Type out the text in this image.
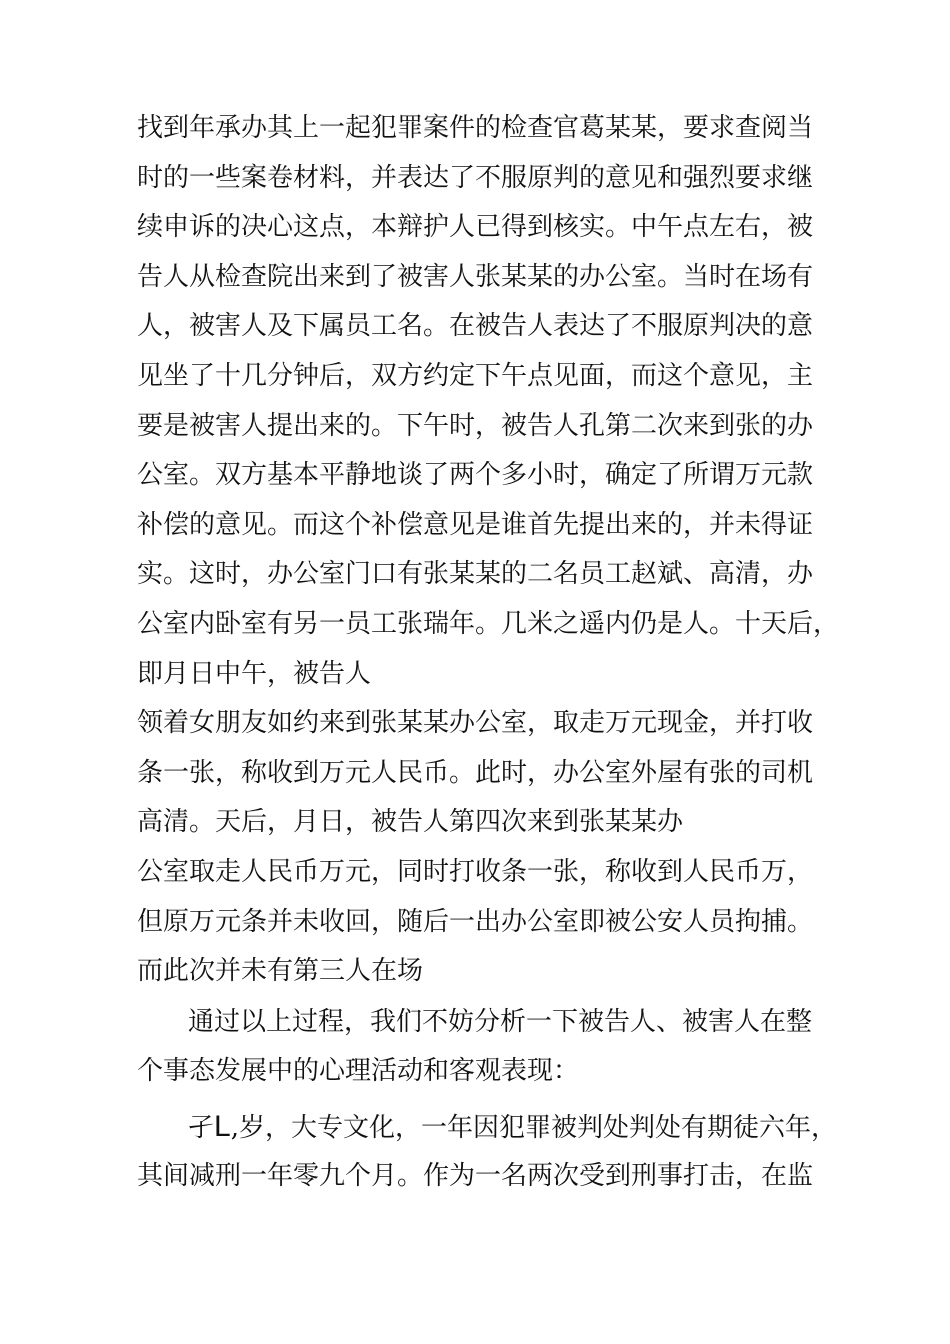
找到年承办其上一起犯罪案件的检查官葛某某，要求查阅当
时的一些案卷材料，并表达了不服原判的意见和强烈要求继
续申诉的决心这点，本辩护人已得到核实。中午点左右，被
告人从检查院出来到了被害人张某某的办公室。当时在场有
人，被害人及下属员工名。在被告人表达了不服原判决的意
见坐了十几分钟后，双方约定下午点见面，而这个意见，主
要是被害人提出来的。下午时，被告人孔第二次来到张的办
公室。双方基本平静地谈了两个多小时，确定了所谓万元款
补偿的意见。而这个补偿意见是谁首先提出来的，并未得证
实。这时，办公室门口有张某某的二名员工赵斌、高清，办
公室内卧室有另一员工张瑞年。几米之遥内仍是人。十天后，
即月日中午，被告人
领着女朋友如约来到张某某办公室，取走万元现金，并打收
条一张，称收到万元人民币。此时，办公室外屋有张的司机
高清。天后，月日，被告人第四次来到张某某办
公室取走人民币万元，同时打收条一张，称收到人民币万，
但原万元条并未收回，随后一出办公室即被公安人员拘捕。
而此次并未有第三人在场
通过以上过程，我们不妨分析一下被告人、被害人在整
个事态发展中的心理活动和客观表现：
孑L,岁，大专文化，一年因犯罪被判处判处有期徒六年，
其间减刑一年零九个月。作为一名两次受到刑事打击，在监
